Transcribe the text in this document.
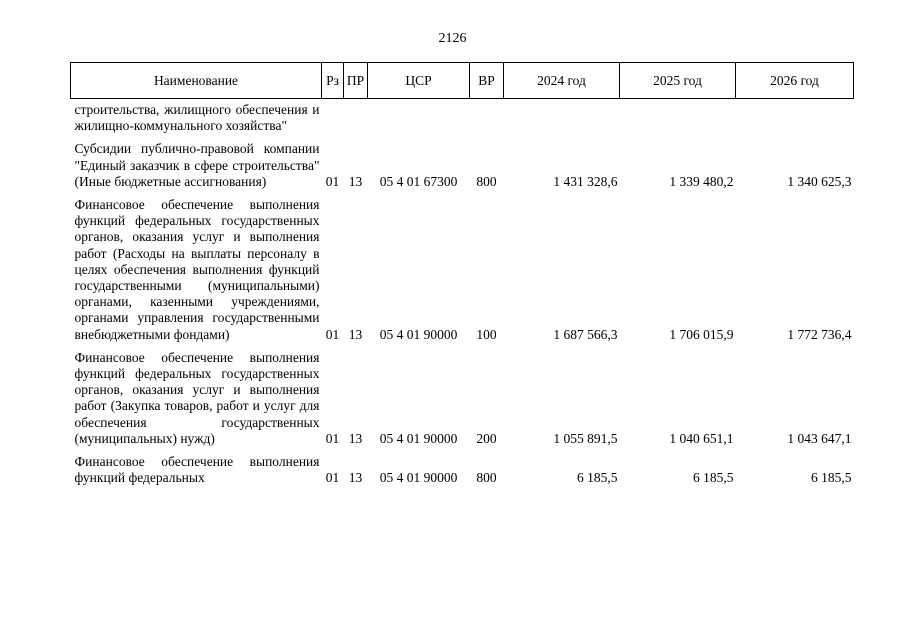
2126
Наименование	Рз	ПР	ЦСР	ВР	2024 год	2025 год	2026 год
строительства, жилищного обеспечения и жилищно-коммунального хозяйства"							
Субсидии публично-правовой компании "Единый заказчик в сфере строительства" (Иные бюджетные ассигнования)	01	13	05 4 01 67300	800	1 431 328,6	1 339 480,2	1 340 625,3
Финансовое обеспечение выполнения функций федеральных государственных органов, оказания услуг и выполнения работ (Расходы на выплаты персоналу в целях обеспечения выполнения функций государственными (муниципальными) органами, казенными учреждениями, органами управления государственными внебюджетными фондами)	01	13	05 4 01 90000	100	1 687 566,3	1 706 015,9	1 772 736,4
Финансовое обеспечение выполнения функций федеральных государственных органов, оказания услуг и выполнения работ (Закупка товаров, работ и услуг для обеспечения государственных (муниципальных) нужд)	01	13	05 4 01 90000	200	1 055 891,5	1 040 651,1	1 043 647,1
Финансовое обеспечение выполнения функций федеральных	01	13	05 4 01 90000	800	6 185,5	6 185,5	6 185,5
